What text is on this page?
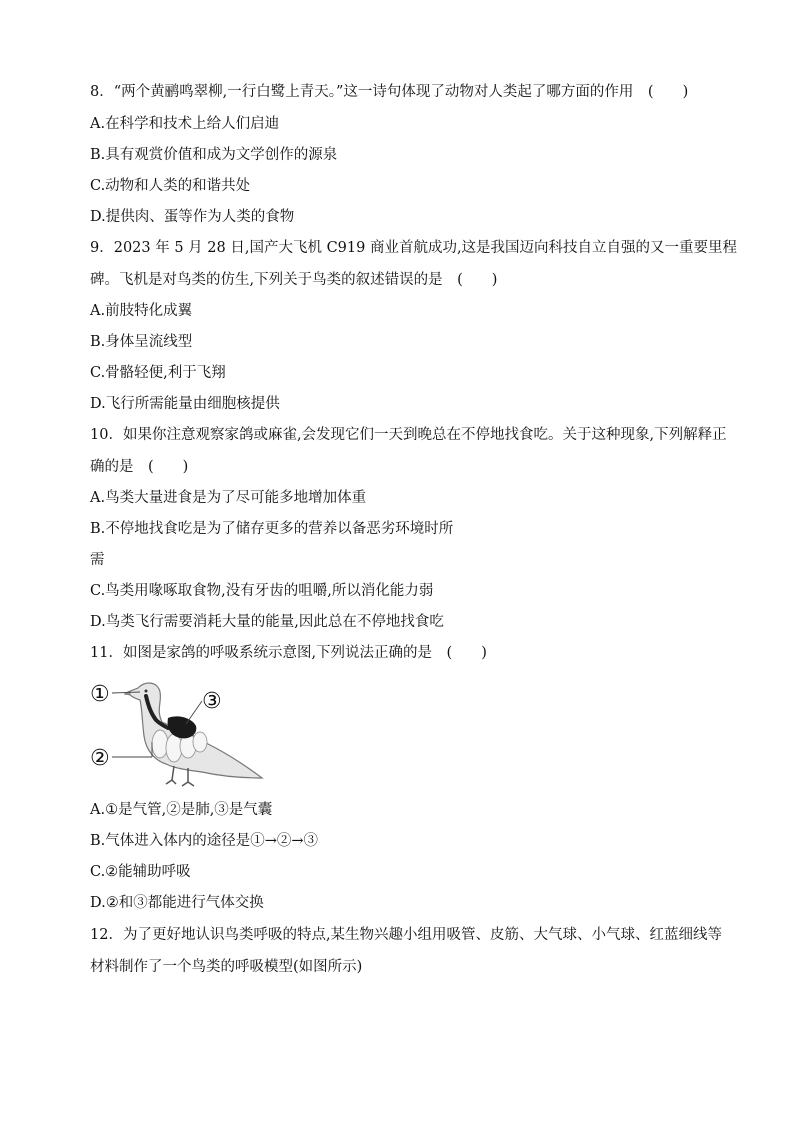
8．“两个黄鹂鸣翠柳,一行白鹭上青天。”这一诗句体现了动物对人类起了哪方面的作用　(　　)
A.在科学和技术上给人们启迪
B.具有观赏价值和成为文学创作的源泉
C.动物和人类的和谐共处
D.提供肉、蛋等作为人类的食物
9．2023 年 5 月 28 日,国产大飞机 C919 商业首航成功,这是我国迈向科技自立自强的又一重要里程
碑。飞机是对鸟类的仿生,下列关于鸟类的叙述错误的是　(　　)
A.前肢特化成翼
B.身体呈流线型
C.骨骼轻便,利于飞翔
D.飞行所需能量由细胞核提供
10．如果你注意观察家鸽或麻雀,会发现它们一天到晚总在不停地找食吃。关于这种现象,下列解释正
确的是　(　　)
A.鸟类大量进食是为了尽可能多地增加体重
B.不停地找食吃是为了储存更多的营养以备恶劣环境时所
需
C.鸟类用喙啄取食物,没有牙齿的咀嚼,所以消化能力弱
D.鸟类飞行需要消耗大量的能量,因此总在不停地找食吃
11．如图是家鸽的呼吸系统示意图,下列说法正确的是　(　　)
①
②
③
A.①是气管,②是肺,③是气囊
B.气体进入体内的途径是①→②→③
C.②能辅助呼吸
D.②和③都能进行气体交换
12．为了更好地认识鸟类呼吸的特点,某生物兴趣小组用吸管、皮筋、大气球、小气球、红蓝细线等
材料制作了一个鸟类的呼吸模型(如图所示)
